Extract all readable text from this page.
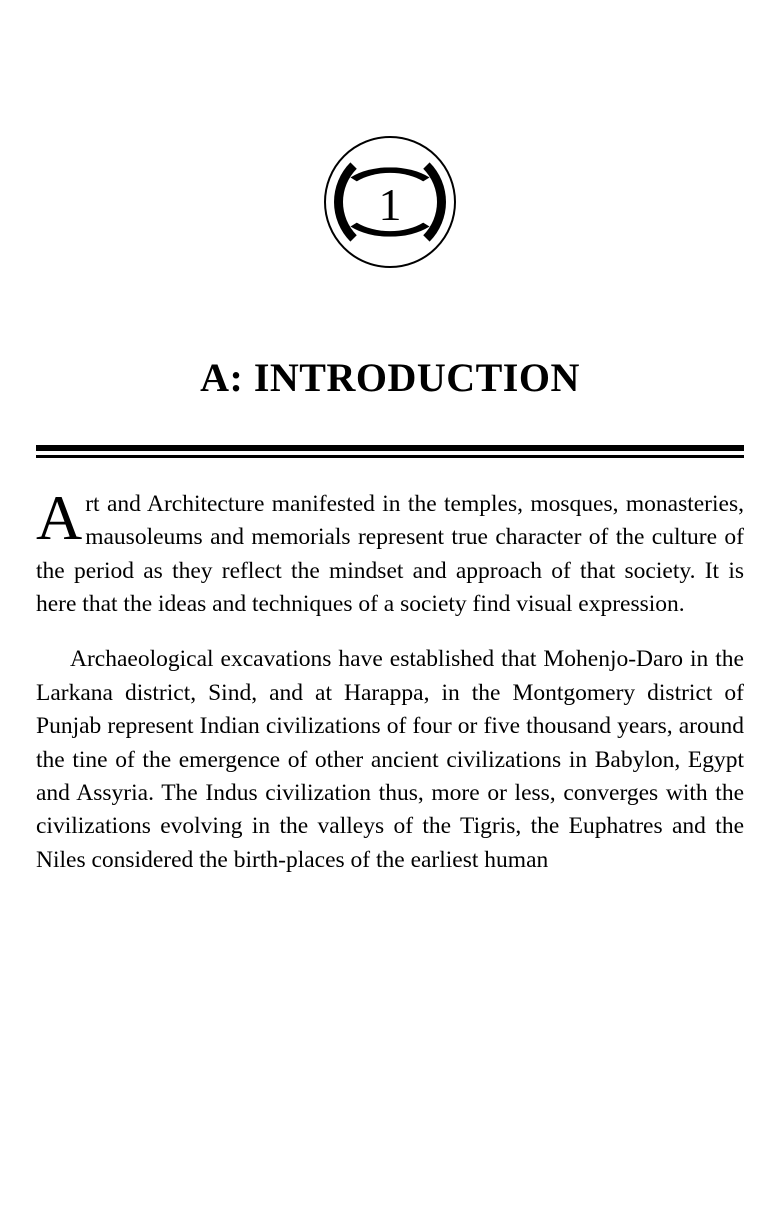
1
A: INTRODUCTION

Art and Architecture manifested in the temples, mosques, monasteries, mausoleums and memorials represent true character of the culture of the period as they reflect the mindset and approach of that society. It is here that the ideas and techniques of a society find visual expression.

Archaeological excavations have established that Mohenjo-Daro in the Larkana district, Sind, and at Harappa, in the Montgomery district of Punjab represent Indian civilizations of four or five thousand years, around the tine of the emergence of other ancient civilizations in Babylon, Egypt and Assyria. The Indus civilization thus, more or less, converges with the civilizations evolving in the valleys of the Tigris, the Euphatres and the Niles considered the birth-places of the earliest human
